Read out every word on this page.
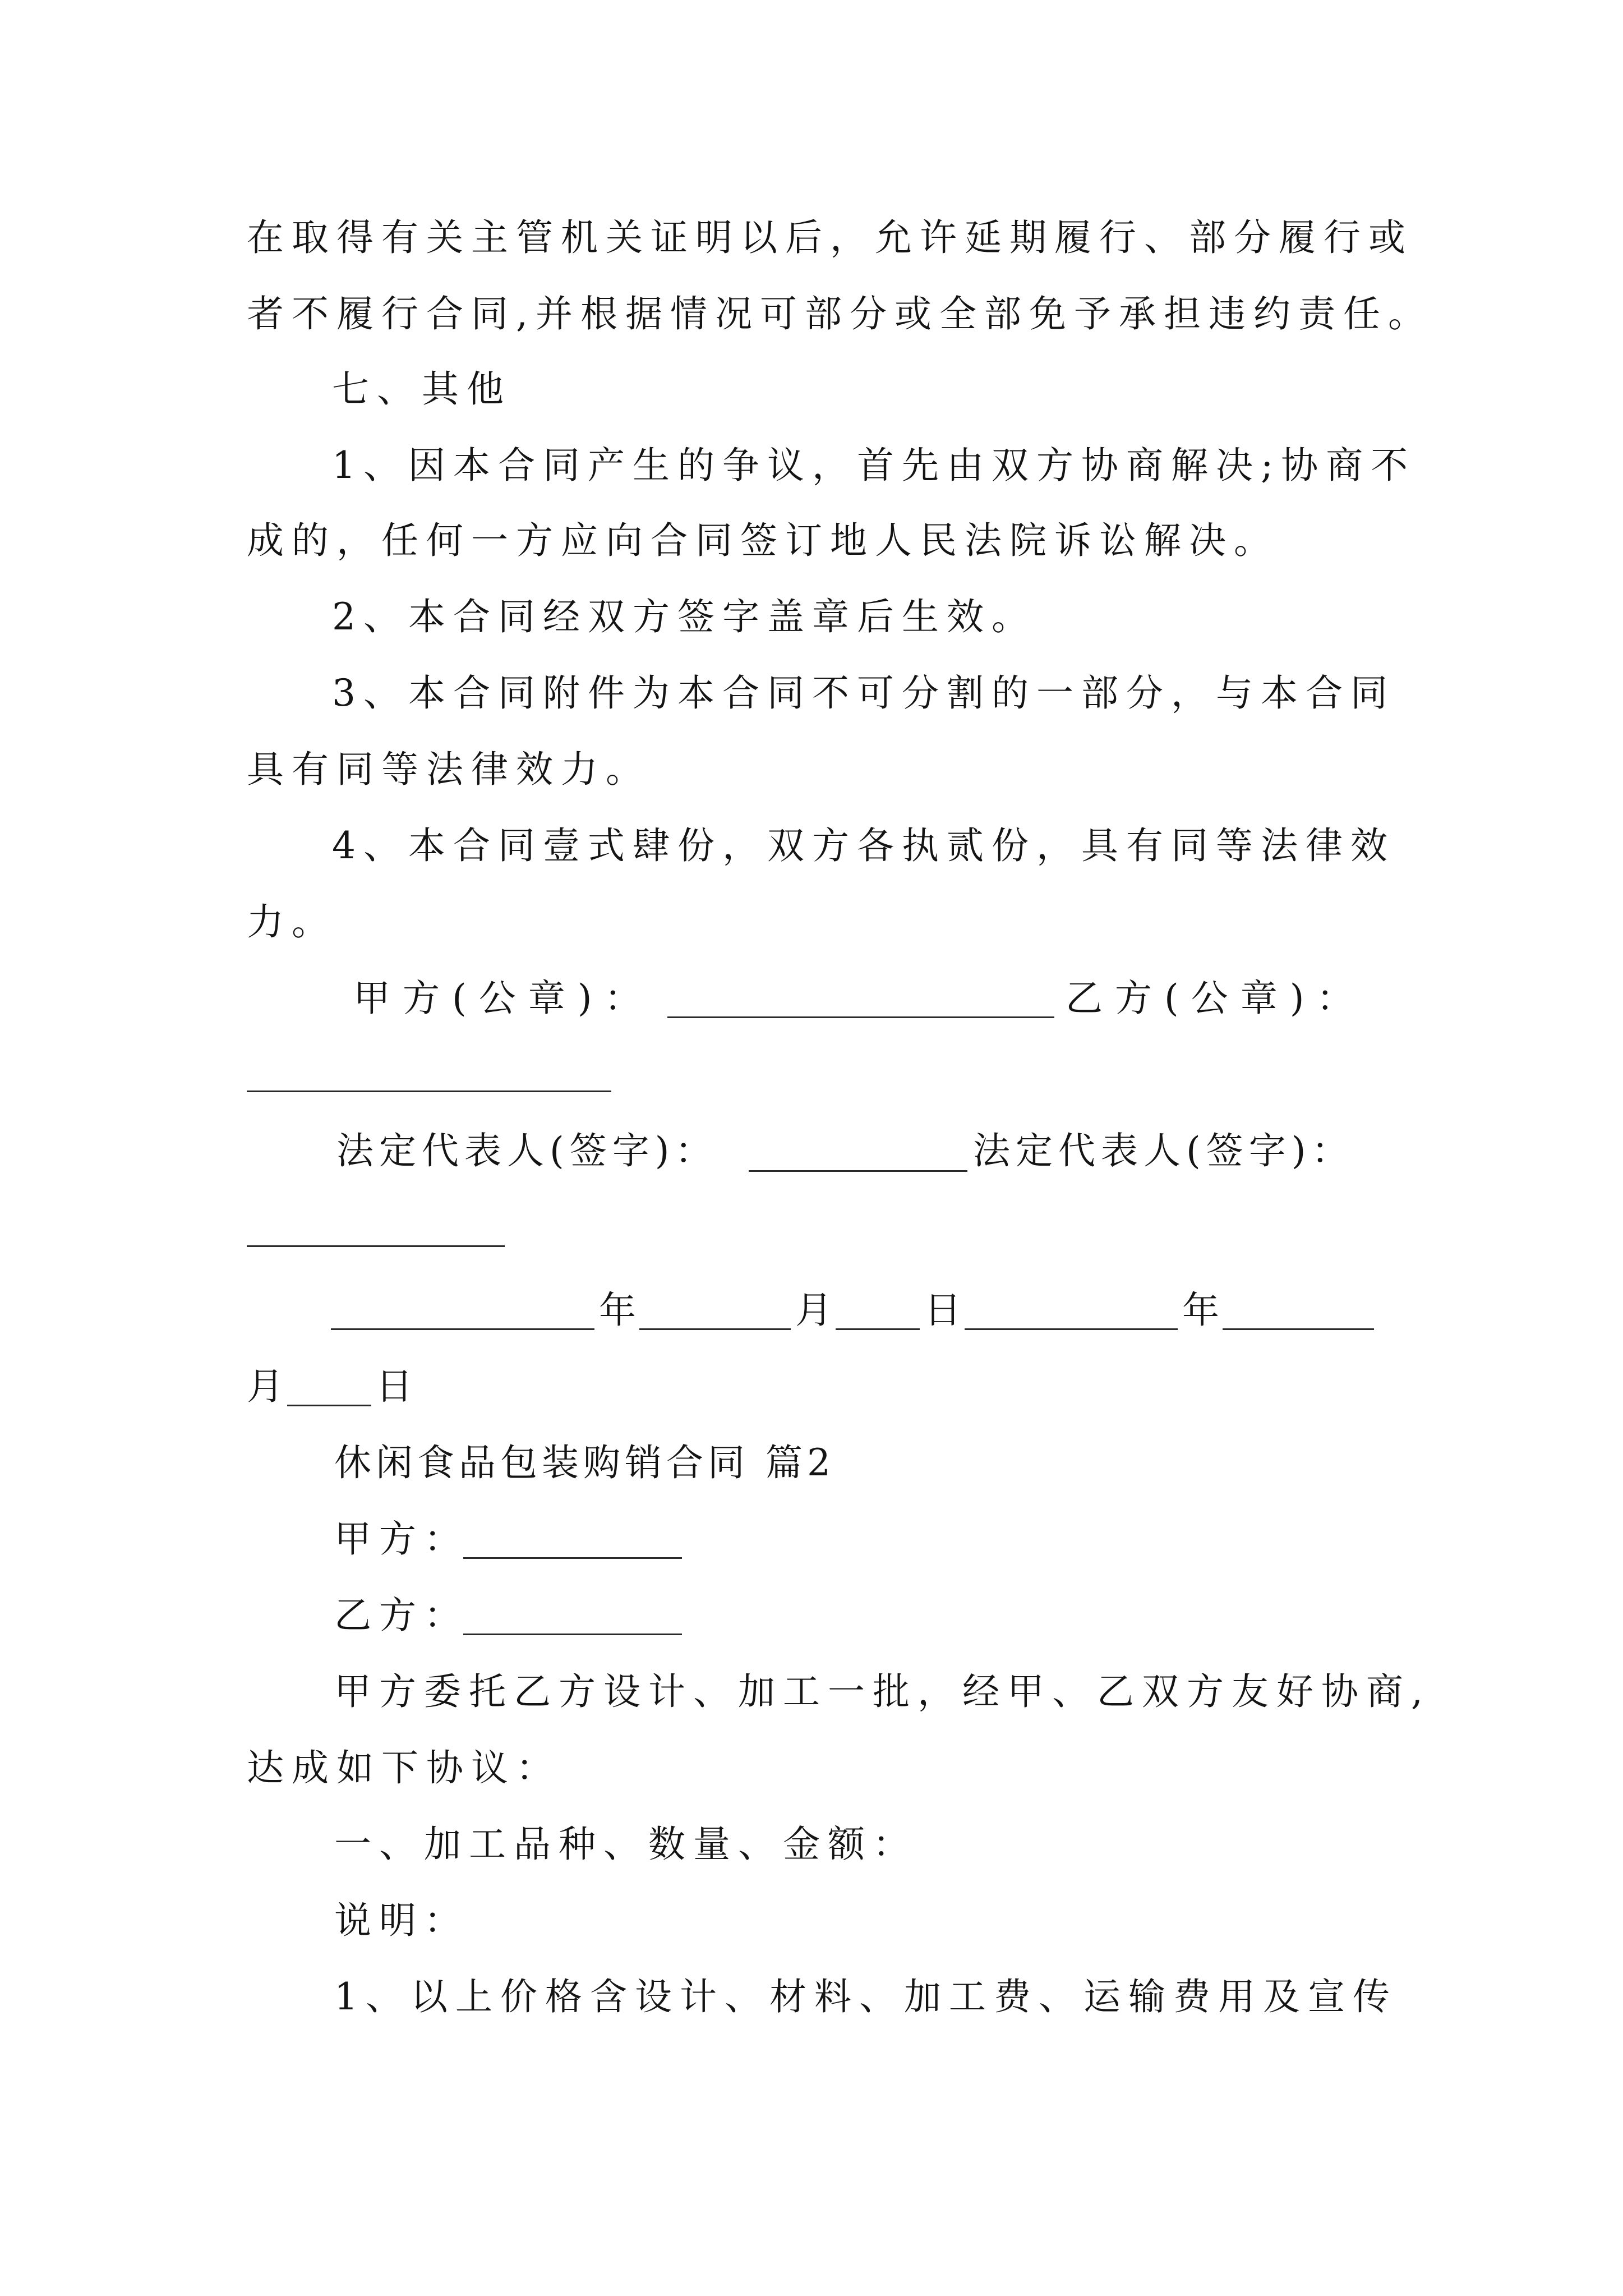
在取得有关主管机关证明以后，允许延期履行、部分履行或
者不履行合同,并根据情况可部分或全部免予承担违约责任。
七、其他
1、因本合同产生的争议，首先由双方协商解决;协商不
成的，任何一方应向合同签订地人民法院诉讼解决。
2、本合同经双方签字盖章后生效。
3、本合同附件为本合同不可分割的一部分，与本合同
具有同等法律效力。
4、本合同壹式肆份，双方各执贰份，具有同等法律效
力。
甲方(公章)：	乙方(公章)：
法定代表人(签字)：	法定代表人(签字)：
年	月 日	年
月 日
休闲食品包装购销合同 篇2
甲方：
乙方：
甲方委托乙方设计、加工一批，经甲、乙双方友好协商,
达成如下协议：
一、加工品种、数量、金额：
说明：
1、以上价格含设计、材料、加工费、运输费用及宣传
